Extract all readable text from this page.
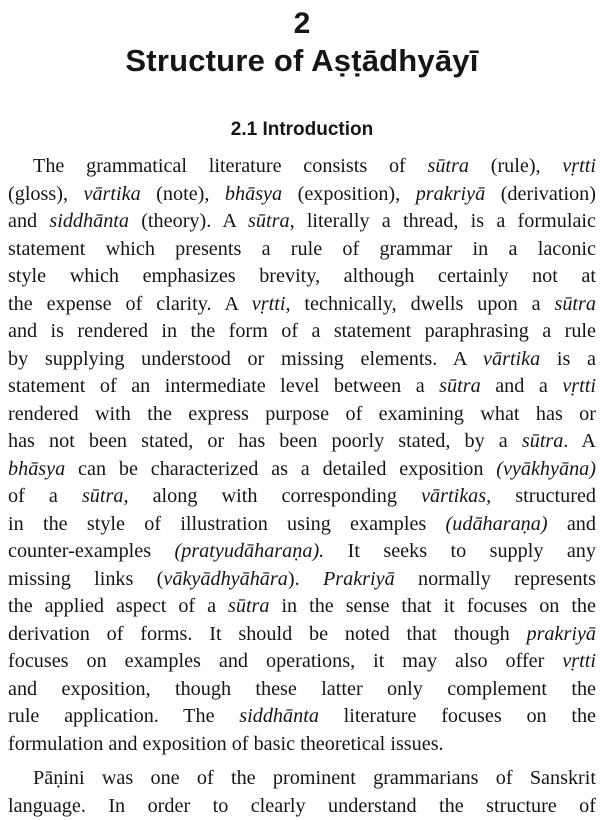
2
Structure of Aṣṭādhyāyī
2.1 Introduction
The grammatical literature consists of sūtra (rule), vṛtti
(gloss), vārtika (note), bhāsya (exposition), prakriyā (derivation)
and siddhānta (theory). A sūtra, literally a thread, is a formulaic
statement which presents a rule of grammar in a laconic
style which emphasizes brevity, although certainly not at
the expense of clarity. A vṛtti, technically, dwells upon a sūtra
and is rendered in the form of a statement paraphrasing a rule
by supplying understood or missing elements. A vārtika is a
statement of an intermediate level between a sūtra and a vṛtti
rendered with the express purpose of examining what has or
has not been stated, or has been poorly stated, by a sūtra. A
bhāsya can be characterized as a detailed exposition (vyākhyāna)
of a sūtra, along with corresponding vārtikas, structured
in the style of illustration using examples (udāharaṇa) and
counter-examples (pratyudāharaṇa). It seeks to supply any
missing links (vākyādhyāhāra). Prakriyā normally represents
the applied aspect of a sūtra in the sense that it focuses on the
derivation of forms. It should be noted that though prakriyā
focuses on examples and operations, it may also offer vṛtti
and exposition, though these latter only complement the
rule application. The siddhānta literature focuses on the
formulation and exposition of basic theoretical issues.
Pāṇini was one of the prominent grammarians of Sanskrit
language. In order to clearly understand the structure of
